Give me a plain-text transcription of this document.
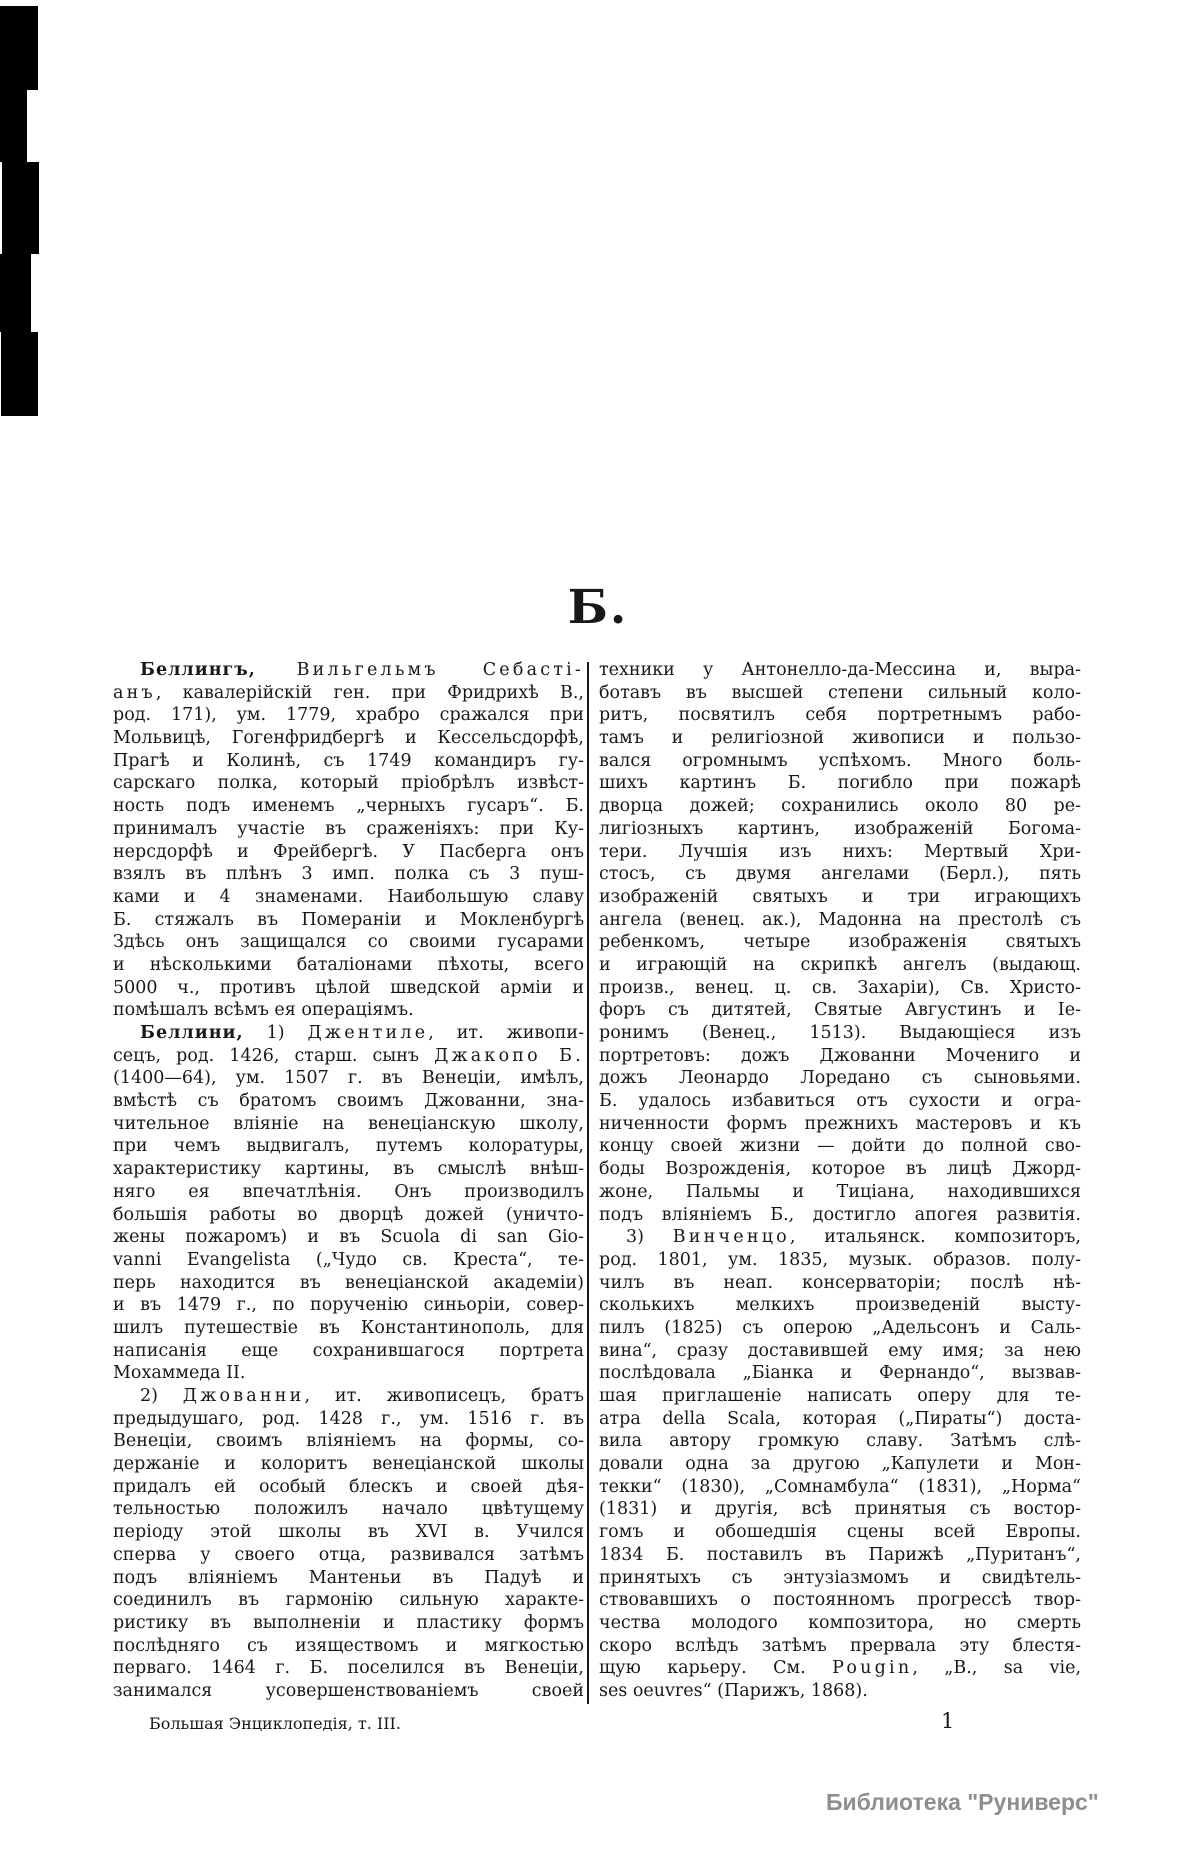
Б.
Беллингъ, Вильгельмъ Себасті-
анъ, кавалерійскій ген. при Фридрихѣ В.,
род. 171), ум. 1779, храбро сражался при
Мольвицѣ, Гогенфридбергѣ и Кессельсдорфѣ,
Прагѣ и Колинѣ, съ 1749 командиръ гу-
сарскаго полка, который пріобрѣлъ извѣст-
ность подъ именемъ „черныхъ гусаръ“. Б.
принималъ участіе въ сраженіяхъ: при Ку-
нерсдорфѣ и Фрейбергѣ. У Пасберга онъ
взялъ въ плѣнъ 3 имп. полка съ 3 пуш-
ками и 4 знаменами. Наибольшую славу
Б. стяжалъ въ Помераніи и Мокленбургѣ
Здѣсь онъ защищался со своими гусарами
и нѣсколькими баталіонами пѣхоты, всего
5000 ч., противъ цѣлой шведской арміи и
помѣшалъ всѣмъ ея операціямъ.
Беллини, 1) Джентиле, ит. живопи-
сецъ, род. 1426, старш. сынъ Джакопо Б.
(1400—64), ум. 1507 г. въ Венеціи, имѣлъ,
вмѣстѣ съ братомъ своимъ Джованни, зна-
чительное вліяніе на венеціанскую школу,
при чемъ выдвигалъ, путемъ колоратуры,
характеристику картины, въ смыслѣ внѣш-
няго ея впечатлѣнія. Онъ производилъ
большія работы во дворцѣ дожей (уничто-
жены пожаромъ) и въ Scuola di san Gio-
vanni Evangelista („Чудо св. Креста“, те-
перь находится въ венеціанской академіи)
и въ 1479 г., по порученію синьоріи, совер-
шилъ путешествіе въ Константинополь, для
написанія еще сохранившагося портрета
Мохаммеда II.
2) Джованни, ит. живописецъ, братъ
предыдушаго, род. 1428 г., ум. 1516 г. въ
Венеціи, своимъ вліяніемъ на формы, со-
держаніе и колоритъ венеціанской школы
придалъ ей особый блескъ и своей дѣя-
тельностью положилъ начало цвѣтущему
періоду этой школы въ XVI в. Учился
сперва у своего отца, развивался затѣмъ
подъ вліяніемъ Мантеньи въ Падуѣ и
соединилъ въ гармонію сильную характе-
ристику въ выполненіи и пластику формъ
послѣдняго съ изяществомъ и мягкостью
перваго. 1464 г. Б. поселился въ Венеціи,
занимался усовершенствованіемъ своей
техники у Антонелло-да-Мессина и, выра-
ботавъ въ высшей степени сильный коло-
ритъ, посвятилъ себя портретнымъ рабо-
тамъ и религіозной живописи и пользо-
вался огромнымъ успѣхомъ. Много боль-
шихъ картинъ Б. погибло при пожарѣ
дворца дожей; сохранились около 80 ре-
лигіозныхъ картинъ, изображеній Богома-
тери. Лучшія изъ нихъ: Мертвый Хри-
стосъ, съ двумя ангелами (Берл.), пять
изображеній святыхъ и три играющихъ
ангела (венец. ак.), Мадонна на престолѣ съ
ребенкомъ, четыре изображенія святыхъ
и играющій на скрипкѣ ангелъ (выдающ.
произв., венец. ц. св. Захаріи), Св. Христо-
форъ съ дитятей, Святые Августинъ и Іе-
ронимъ (Венец., 1513). Выдающіеся изъ
портретовъ: дожъ Джованни Мочениго и
дожъ Леонардо Лоредано съ сыновьями.
Б. удалось избавиться отъ сухости и огра-
ниченности формъ прежнихъ мастеровъ и къ
концу своей жизни — дойти до полной сво-
боды Возрожденія, которое въ лицѣ Джорд-
жоне, Пальмы и Тиціана, находившихся
подъ вліяніемъ Б., достигло апогея развитія.
3) Винченцо, итальянск. композиторъ,
род. 1801, ум. 1835, музык. образов. полу-
чилъ въ неап. консерваторіи; послѣ нѣ-
сколькихъ мелкихъ произведеній высту-
пилъ (1825) съ оперою „Адельсонъ и Саль-
вина“, сразу доставившей ему имя; за нею
послѣдовала „Біанка и Фернандо“, вызвав-
шая приглашеніе написать оперу для те-
атра della Scala, которая („Пираты“) доста-
вила автору громкую славу. Затѣмъ слѣ-
довали одна за другою „Капулети и Мон-
текки“ (1830), „Сомнамбула“ (1831), „Норма“
(1831) и другія, всѣ принятыя съ востор-
гомъ и обошедшія сцены всей Европы.
1834 Б. поставилъ въ Парижѣ „Пуританъ“,
принятыхъ съ энтузіазмомъ и свидѣтель-
ствовавшихъ о постоянномъ прогрессѣ твор-
чества молодого композитора, но смерть
скоро вслѣдъ затѣмъ прервала эту блестя-
щую карьеру. См. Pougin, „B., sa vie,
ses oeuvres“ (Парижъ, 1868).
Большая Энциклопедія, т. III.	1
Библиотека "Руниверс"
